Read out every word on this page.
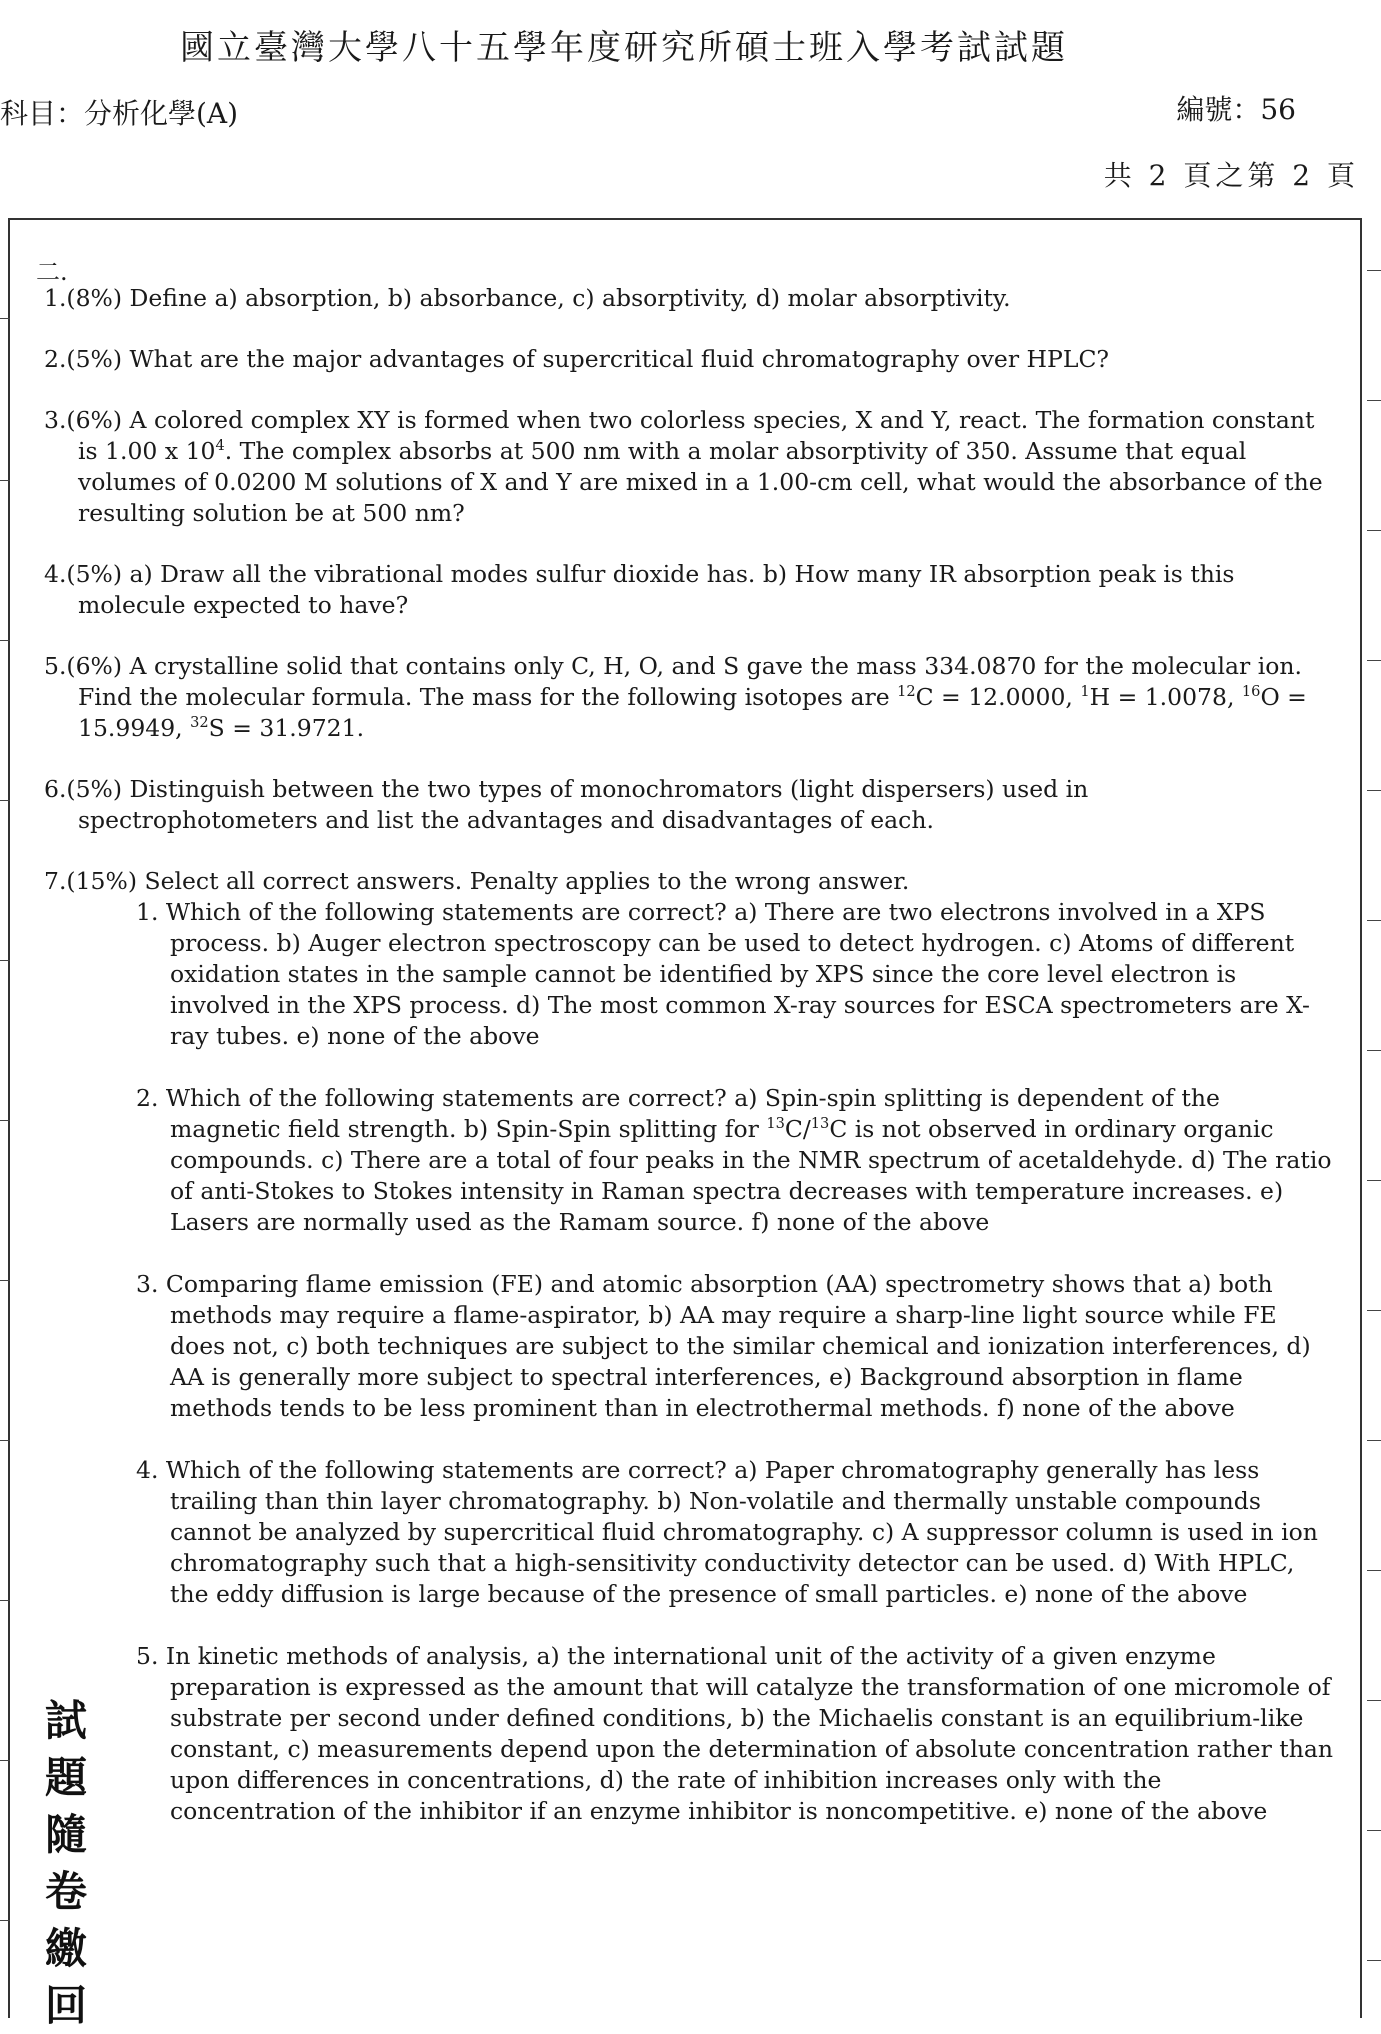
國立臺灣大學八十五學年度研究所碩士班入學考試試題
科目：分析化學(A)	編號：56
共 2 頁之第 2 頁
二.

1.(8%) Define a) absorption, b) absorbance, c) absorptivity, d) molar absorptivity.

2.(5%) What are the major advantages of supercritical fluid chromatography over HPLC?

3.(6%) A colored complex XY is formed when two colorless species, X and Y, react. The formation constant is 1.00 x $10^4$. The complex absorbs at 500 nm with a molar absorptivity of 350. Assume that equal volumes of 0.0200 M solutions of X and Y are mixed in a 1.00-cm cell, what would the absorbance of the resulting solution be at 500 nm?

4.(5%) a) Draw all the vibrational modes sulfur dioxide has. b) How many IR absorption peak is this molecule expected to have?

5.(6%) A crystalline solid that contains only C, H, O, and S gave the mass 334.0870 for the molecular ion. Find the molecular formula. The mass for the following isotopes are $^{12}$C = 12.0000, $^1$H = 1.0078, $^{16}$O = 15.9949, $^{32}$S = 31.9721.

6.(5%) Distinguish between the two types of monochromators (light dispersers) used in spectrophotometers and list the advantages and disadvantages of each.

7.(15%) Select all correct answers. Penalty applies to the wrong answer.

1. Which of the following statements are correct? a) There are two electrons involved in a XPS process. b) Auger electron spectroscopy can be used to detect hydrogen. c) Atoms of different oxidation states in the sample cannot be identified by XPS since the core level electron is involved in the XPS process. d) The most common X-ray sources for ESCA spectrometers are X-ray tubes. e) none of the above

2. Which of the following statements are correct? a) Spin-spin splitting is dependent of the magnetic field strength. b) Spin-Spin splitting for $^{13}$C/$^{13}$C is not observed in ordinary organic compounds. c) There are a total of four peaks in the NMR spectrum of acetaldehyde. d) The ratio of anti-Stokes to Stokes intensity in Raman spectra decreases with temperature increases. e) Lasers are normally used as the Ramam source. f) none of the above

3. Comparing flame emission (FE) and atomic absorption (AA) spectrometry shows that a) both methods may require a flame-aspirator, b) AA may require a sharp-line light source while FE does not, c) both techniques are subject to the similar chemical and ionization interferences, d) AA is generally more subject to spectral interferences, e) Background absorption in flame methods tends to be less prominent than in electrothermal methods. f) none of the above

4. Which of the following statements are correct? a) Paper chromatography generally has less trailing than thin layer chromatography. b) Non-volatile and thermally unstable compounds cannot be analyzed by supercritical fluid chromatography. c) A suppressor column is used in ion chromatography such that a high-sensitivity conductivity detector can be used. d) With HPLC, the eddy diffusion is large because of the presence of small particles. e) none of the above

5. In kinetic methods of analysis, a) the international unit of the activity of a given enzyme preparation is expressed as the amount that will catalyze the transformation of one micromole of substrate per second under defined conditions, b) the Michaelis constant is an equilibrium-like constant, c) measurements depend upon the determination of absolute concentration rather than upon differences in concentrations, d) the rate of inhibition increases only with the concentration of the inhibitor if an enzyme inhibitor is noncompetitive. e) none of the above

試
題
隨
卷
繳
回
